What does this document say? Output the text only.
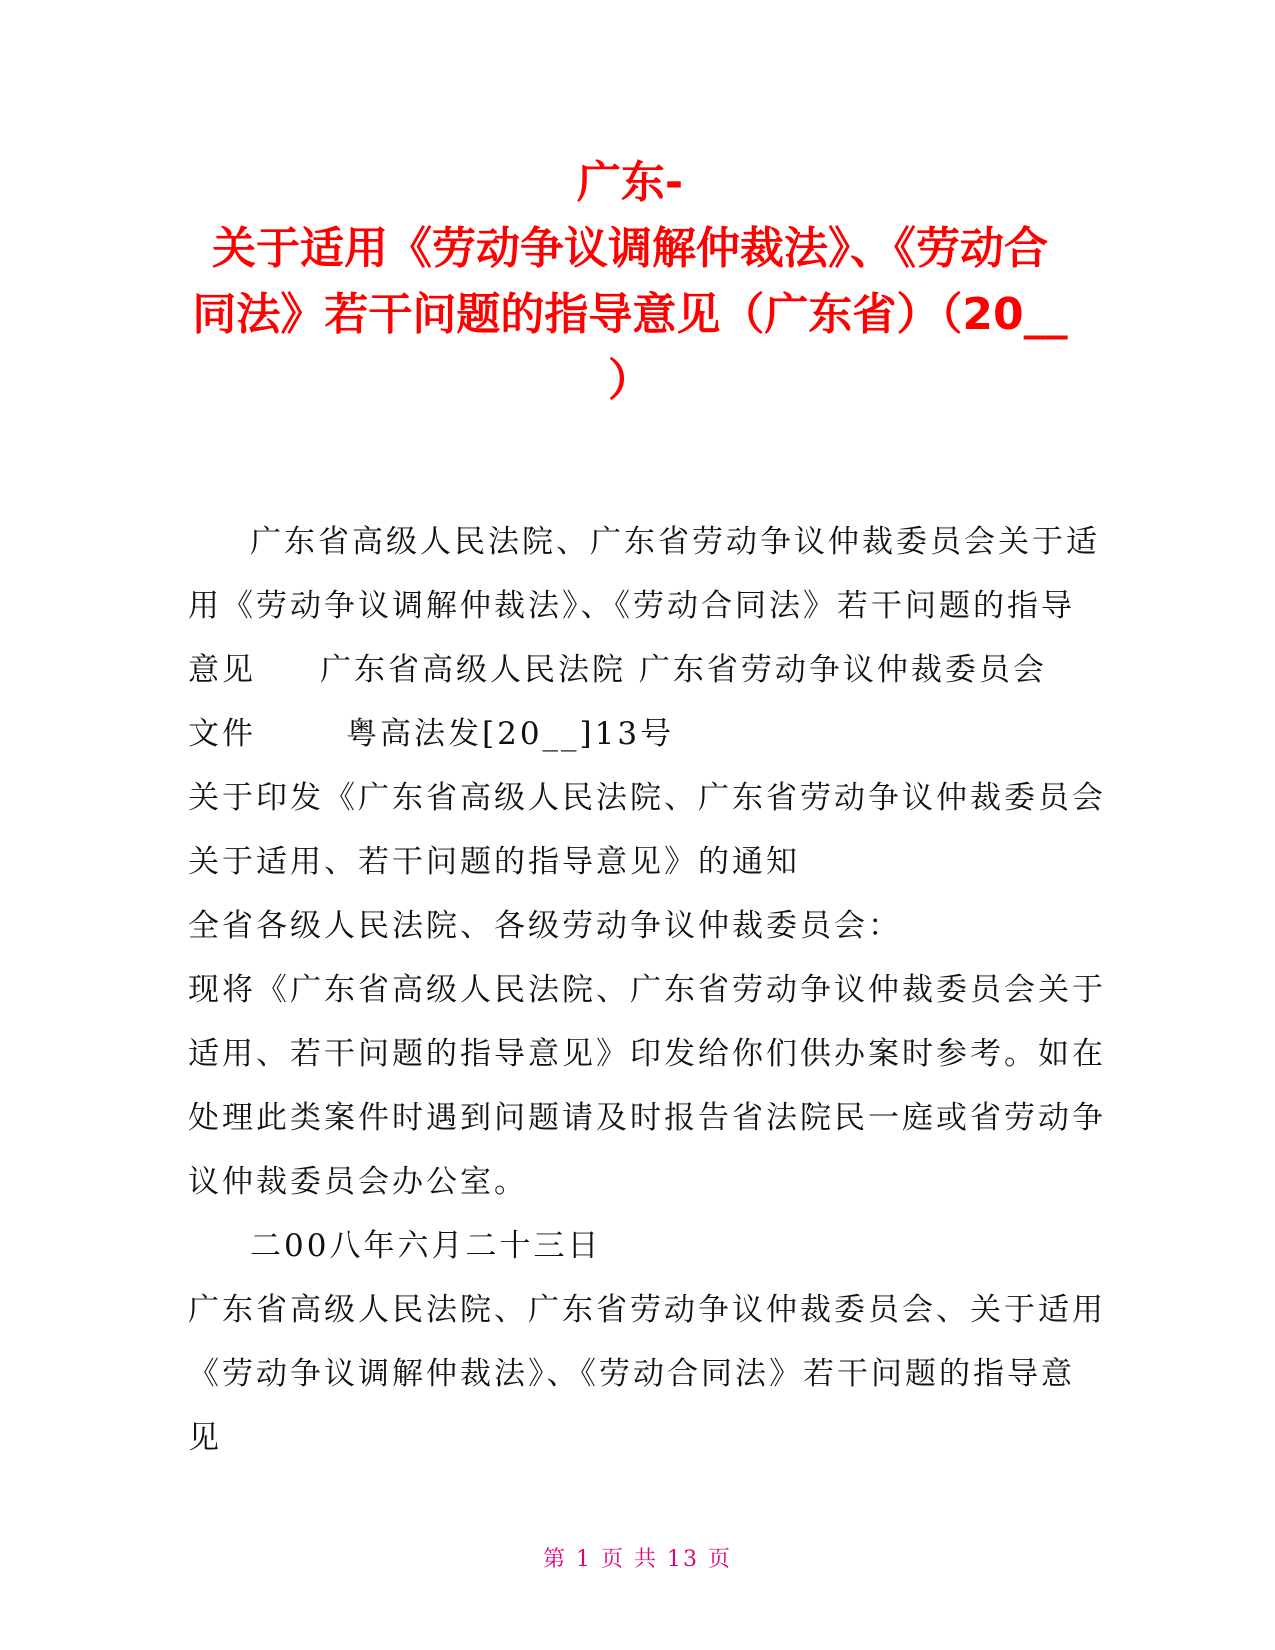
广东-
关于适用《劳动争议调解仲裁法》、《劳动合
同法》若干问题的指导意见（广东省）（20__
）
广东省高级人民法院、广东省劳动争议仲裁委员会关于适
用《劳动争议调解仲裁法》、《劳动合同法》若干问题的指导
意见 广东省高级人民法院 广东省劳动争议仲裁委员会
文件	粤高法发[20__]13号
关于印发《广东省高级人民法院、广东省劳动争议仲裁委员会
关于适用、若干问题的指导意见》的通知
全省各级人民法院、各级劳动争议仲裁委员会：
现将《广东省高级人民法院、广东省劳动争议仲裁委员会关于
适用、若干问题的指导意见》印发给你们供办案时参考。如在
处理此类案件时遇到问题请及时报告省法院民一庭或省劳动争
议仲裁委员会办公室。
二00八年六月二十三日
广东省高级人民法院、广东省劳动争议仲裁委员会、关于适用
《劳动争议调解仲裁法》、《劳动合同法》若干问题的指导意
见
第 1 页 共 13 页
